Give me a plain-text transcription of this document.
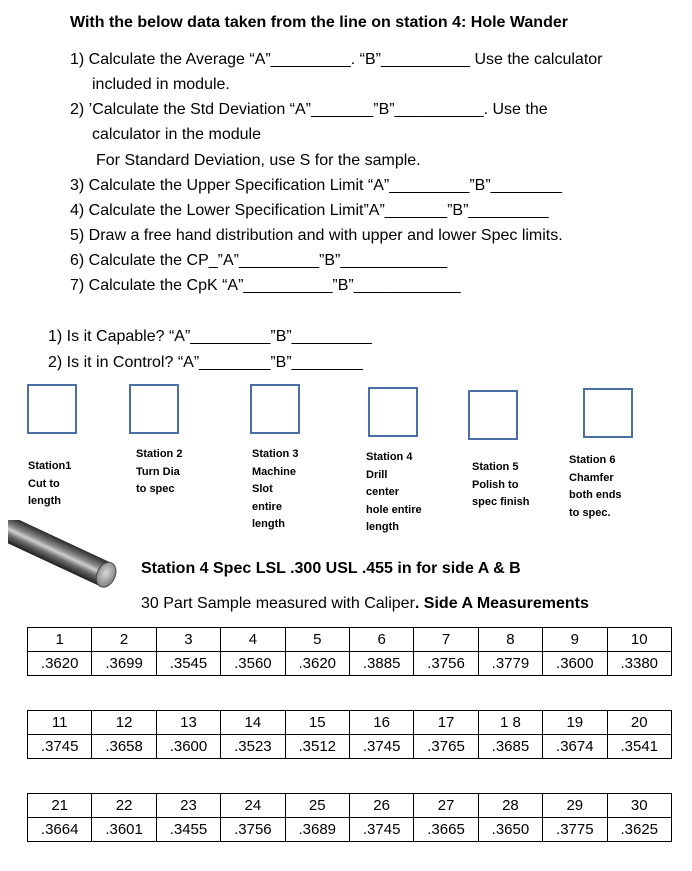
With the below data taken from the line on station 4: Hole Wander
1) Calculate the Average “A”_________. “B”__________ Use the calculator
included in module.
2) ’Calculate the Std Deviation “A”_______”B”__________. Use the
calculator in the module
For Standard Deviation, use S for the sample.
3) Calculate the Upper Specification Limit “A”_________”B”________
4) Calculate the Lower Specification Limit”A”_______”B”_________
5) Draw a free hand distribution and with upper and lower Spec limits.
6) Calculate the CP_”A”_________”B”____________
7) Calculate the CpK “A”__________”B”____________
1) Is it Capable? “A”_________”B”_________
2) Is it in Control? “A”________”B”________
Station1
Cut to
length
Station 2
Turn Dia
to spec
Station 3
Machine
Slot
entire
length
Station 4
Drill
center
hole entire
length
Station 5
Polish to
spec finish
Station 6
Chamfer
both ends
to spec.
Station 4 Spec LSL .300 USL .455 in for side A & B
30 Part Sample measured with Caliper. Side A Measurements
1	2	3	4	5	6	7	8	9	10
.3620	.3699	.3545	.3560	.3620	.3885	.3756	.3779	.3600	.3380
11	12	13	14	15	16	17	1 8	19	20
.3745	.3658	.3600	.3523	.3512	.3745	.3765	.3685	.3674	.3541
21	22	23	24	25	26	27	28	29	30
.3664	.3601	.3455	.3756	.3689	.3745	.3665	.3650	.3775	.3625
